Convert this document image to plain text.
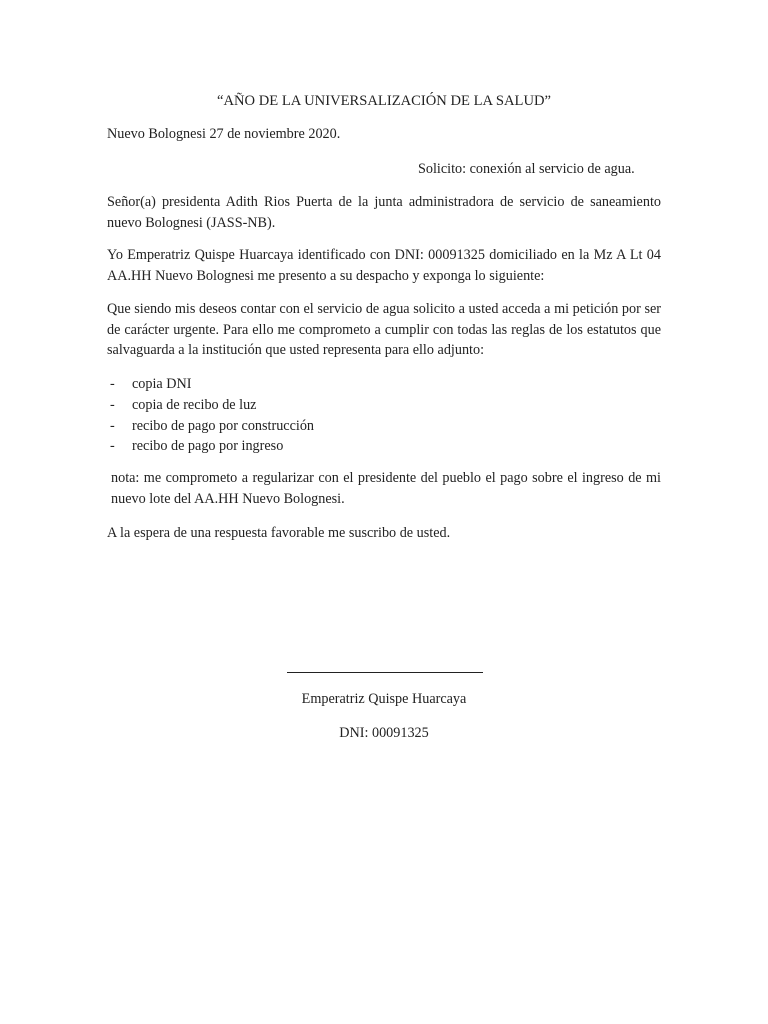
“AÑO DE LA UNIVERSALIZACIÓN DE LA SALUD”
Nuevo Bolognesi 27 de noviembre 2020.
Solicito: conexión al servicio de agua.
Señor(a) presidenta Adith Rios Puerta de la junta administradora de servicio de saneamiento nuevo Bolognesi (JASS-NB).
Yo Emperatriz Quispe Huarcaya identificado con DNI: 00091325 domiciliado en la Mz A Lt 04 AA.HH Nuevo Bolognesi me presento a su despacho y exponga lo siguiente:
Que siendo mis deseos contar con el servicio de agua solicito a usted acceda a mi petición por ser de carácter urgente. Para ello me comprometo a cumplir con todas las reglas de los estatutos que salvaguarda a la institución que usted representa para ello adjunto:
- copia DNI
- copia de recibo de luz
- recibo de pago por construcción
- recibo de pago por ingreso
nota: me comprometo a regularizar con el presidente del pueblo el pago sobre el ingreso de mi nuevo lote del AA.HH Nuevo Bolognesi.
A la espera de una respuesta favorable me suscribo de usted.
Emperatriz Quispe Huarcaya
DNI: 00091325
